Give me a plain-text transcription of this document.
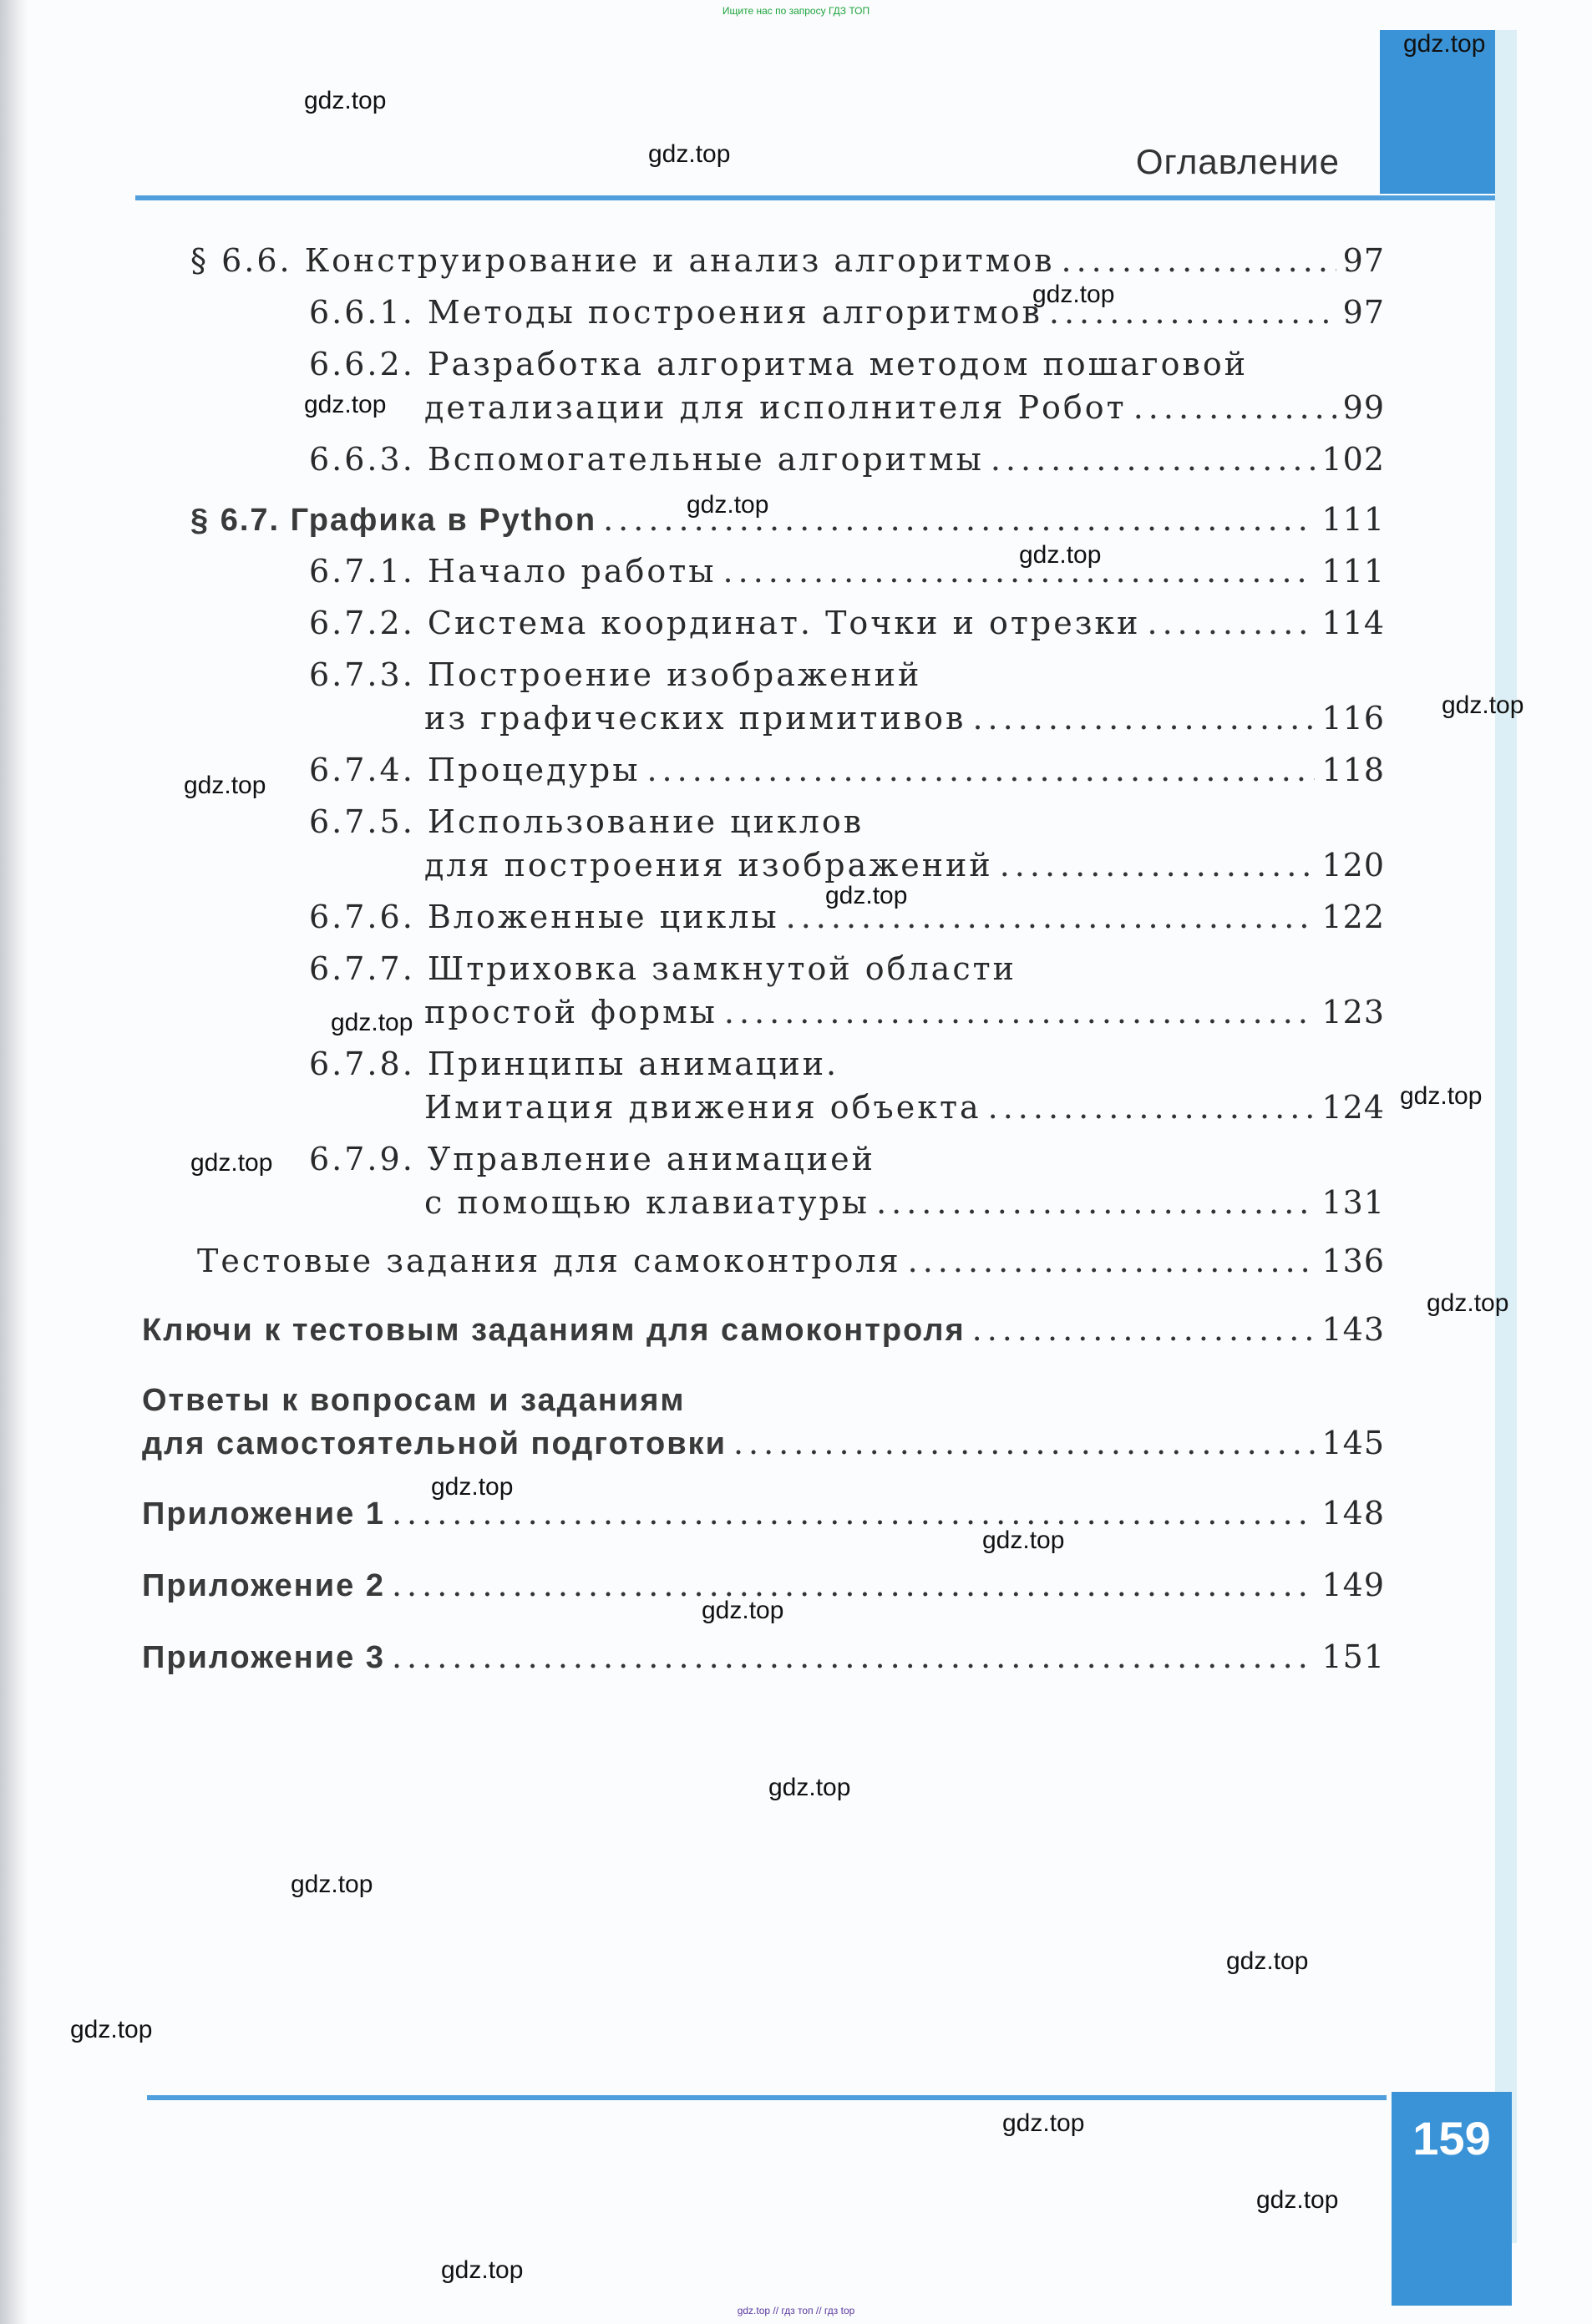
Ищите нас по запросу ГДЗ ТОП
Оглавление
§ 6.6. Конструирование и анализ алгоритмов .....	97
6.6.1. Методы построения алгоритмов .....	97
6.6.2. Разработка алгоритма методом пошаговой
детализации для исполнителя Робот .....	99
6.6.3. Вспомогательные алгоритмы .....	102
§ 6.7. Графика в Python .....	111
6.7.1. Начало работы .....	111
6.7.2. Система координат. Точки и отрезки .....	114
6.7.3. Построение изображений
из графических примитивов .....	116
6.7.4. Процедуры .....	118
6.7.5. Использование циклов
для построения изображений .....	120
6.7.6. Вложенные циклы .....	122
6.7.7. Штриховка замкнутой области
простой формы .....	123
6.7.8. Принципы анимации.
Имитация движения объекта .....	124
6.7.9. Управление анимацией
с помощью клавиатуры .....	131
Тестовые задания для самоконтроля .....	136
Ключи к тестовым заданиям для самоконтроля .....	143
Ответы к вопросам и заданиям
для самостоятельной подготовки .....	145
Приложение 1 .....	148
Приложение 2 .....	149
Приложение 3 .....	151
gdz.top
gdz.top
gdz.top
gdz.top
gdz.top
gdz.top
gdz.top
gdz.top
gdz.top
gdz.top
gdz.top
gdz.top
gdz.top
gdz.top
gdz.top
gdz.top
gdz.top
gdz.top
gdz.top
gdz.top
gdz.top
gdz.top
gdz.top
gdz.top
159
gdz.top // гдз топ // гдз top
